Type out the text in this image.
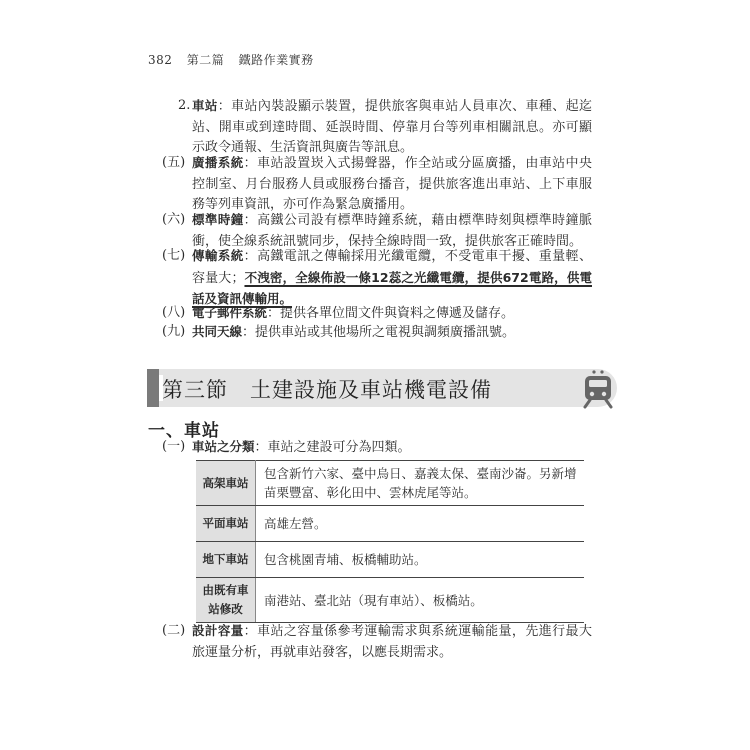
382 第二篇 鐵路作業實務
2. 車站：車站內裝設顯示裝置，提供旅客與車站人員車次、車種、起迄站、開車或到達時間、延誤時間、停靠月台等列車相關訊息。亦可顯示政令通報、生活資訊與廣告等訊息。
(五) 廣播系統：車站設置崁入式揚聲器，作全站或分區廣播，由車站中央控制室、月台服務人員或服務台播音，提供旅客進出車站、上下車服務等列車資訊，亦可作為緊急廣播用。
(六) 標準時鐘：高鐵公司設有標準時鐘系統，藉由標準時刻與標準時鐘脈衝，使全線系統訊號同步，保持全線時間一致，提供旅客正確時間。
(七) 傳輸系統：高鐵電訊之傳輸採用光纖電纜，不受電車干擾、重量輕、容量大；不洩密，全線佈設一條12蕊之光纖電纜，提供672電路，供電話及資訊傳輸用。
(八) 電子郵件系統：提供各單位間文件與資料之傳遞及儲存。
(九) 共同天線：提供車站或其他場所之電視與調頻廣播訊號。
第三節　土建設施及車站機電設備
一、車站
(一) 車站之分類：車站之建設可分為四類。
高架車站	包含新竹六家、臺中烏日、嘉義太保、臺南沙崙。另新增苗栗豐富、彰化田中、雲林虎尾等站。
平面車站	高雄左營。
地下車站	包含桃園青埔、板橋輔助站。
由既有車站修改	南港站、臺北站（現有車站）、板橋站。
(二) 設計容量：車站之容量係參考運輸需求與系統運輸能量，先進行最大旅運量分析，再就車站發客，以應長期需求。
